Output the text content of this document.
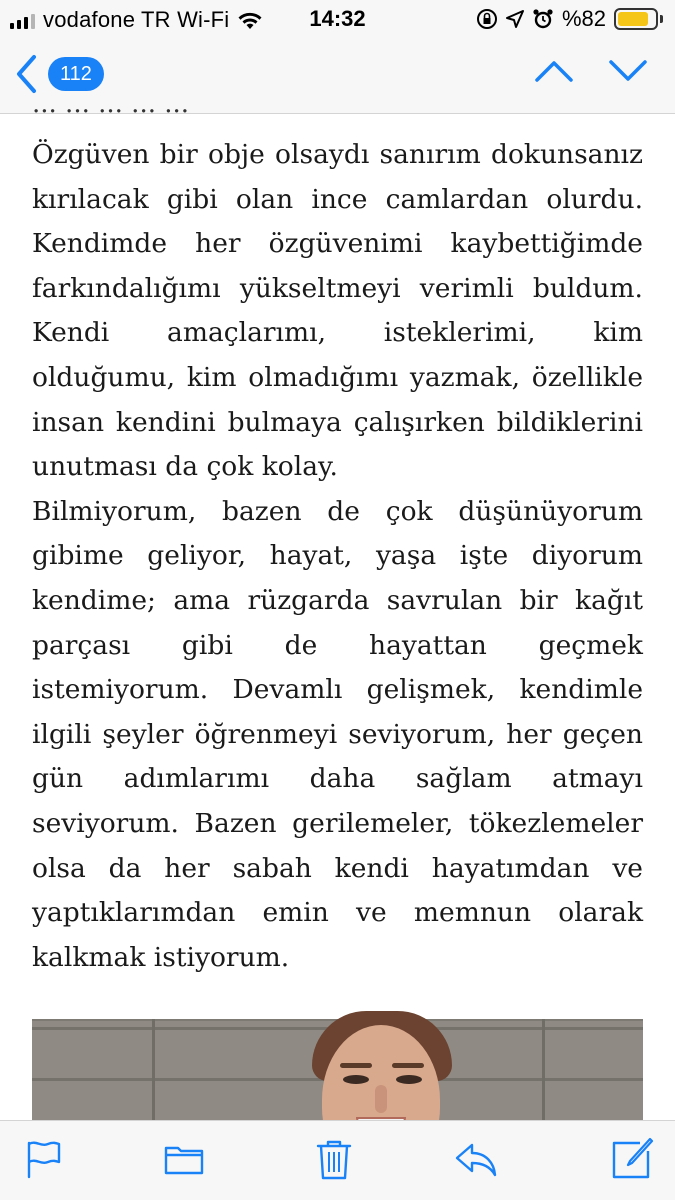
vodafone TR Wi-Fi	14:32	%82
112
... ... ... ... ...

Özgüven bir obje olsaydı sanırım dokunsanız kırılacak gibi olan ince camlardan olurdu. Kendimde her özgüvenimi kaybettiğimde farkındalığımı yükseltmeyi verimli buldum. Kendi amaçlarımı, isteklerimi, kim olduğumu, kim olmadığımı yazmak, özellikle insan kendini bulmaya çalışırken bildiklerini unutması da çok kolay.

Bilmiyorum, bazen de çok düşünüyorum gibime geliyor, hayat, yaşa işte diyorum kendime; ama rüzgarda savrulan bir kağıt parçası gibi de hayattan geçmek istemiyorum. Devamlı gelişmek, kendimle ilgili şeyler öğrenmeyi seviyorum, her geçen gün adımlarımı daha sağlam atmayı seviyorum. Bazen gerilemeler, tökezlemeler olsa da her sabah kendi hayatımdan ve yaptıklarımdan emin ve memnun olarak kalkmak istiyorum.
